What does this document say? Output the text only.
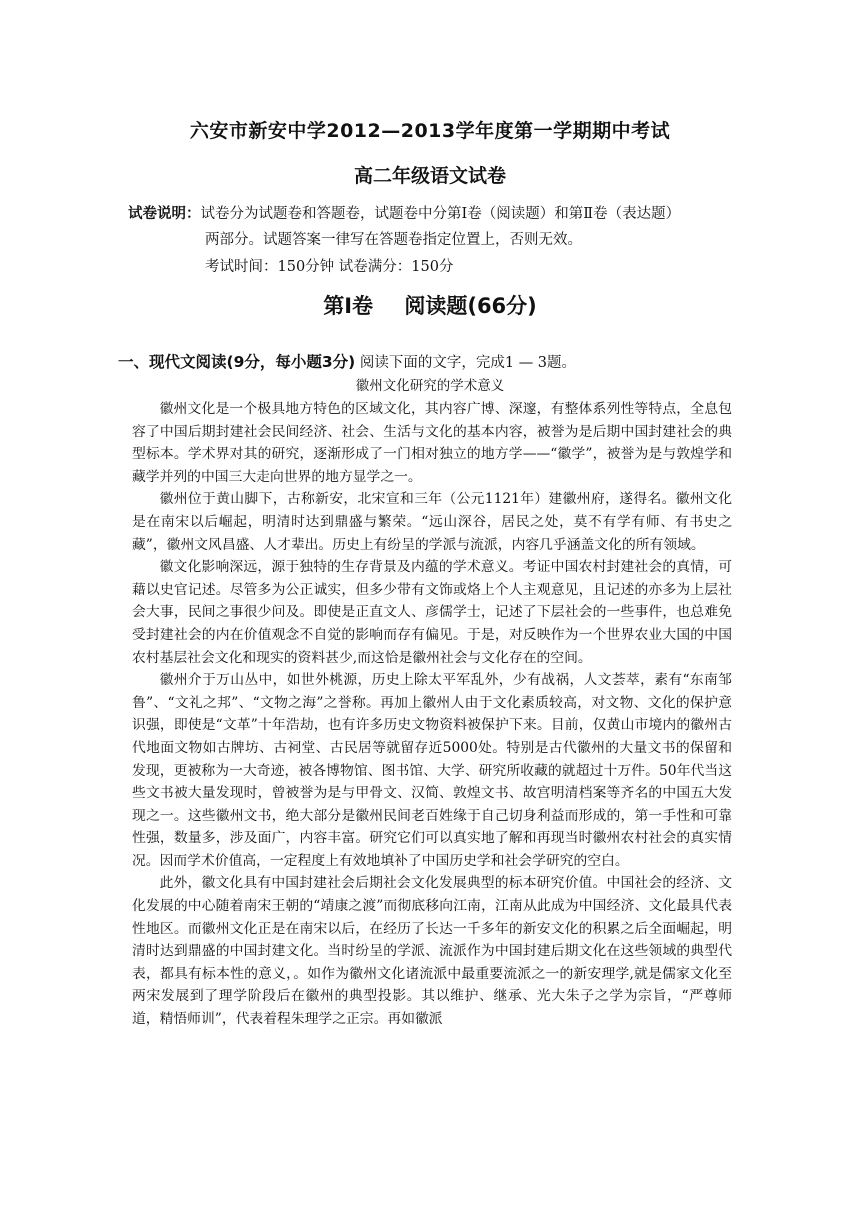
六安市新安中学2012—2013学年度第一学期期中考试
高二年级语文试卷
试卷说明：试卷分为试题卷和答题卷，试题卷中分第Ⅰ卷（阅读题）和第Ⅱ卷（表达题）
两部分。试题答案一律写在答题卷指定位置上，否则无效。
考试时间：150分钟 试卷满分：150分
第Ⅰ卷 阅读题(66分)
一、现代文阅读(9分，每小题3分) 阅读下面的文字，完成1 — 3题。
徽州文化研究的学术意义

徽州文化是一个极具地方特色的区域文化，其内容广博、深邃，有整体系列性等特点，全息包容了中国后期封建社会民间经济、社会、生活与文化的基本内容，被誉为是后期中国封建社会的典型标本。学术界对其的研究，逐渐形成了一门相对独立的地方学——“徽学”，被誉为是与敦煌学和藏学并列的中国三大走向世界的地方显学之一。

徽州位于黄山脚下，古称新安，北宋宣和三年（公元1121年）建徽州府，遂得名。徽州文化是在南宋以后崛起，明清时达到鼎盛与繁荣。“远山深谷，居民之处，莫不有学有师、有书史之藏”，徽州文风昌盛、人才辈出。历史上有纷呈的学派与流派，内容几乎涵盖文化的所有领域。

徽文化影响深远，源于独特的生存背景及内蕴的学术意义。考证中国农村封建社会的真情，可藉以史官记述。尽管多为公正诚实，但多少带有文饰或烙上个人主观意见，且记述的亦多为上层社会大事，民间之事很少问及。即使是正直文人、彦儒学士，记述了下层社会的一些事件，也总难免受封建社会的内在价值观念不自觉的影响而存有偏见。于是，对反映作为一个世界农业大国的中国农村基层社会文化和现实的资料甚少,而这恰是徽州社会与文化存在的空间。

徽州介于万山丛中，如世外桃源，历史上除太平军乱外，少有战祸，人文荟萃，素有“东南邹鲁”、“文礼之邦”、“文物之海”之誉称。再加上徽州人由于文化素质较高，对文物、文化的保护意识强，即使是“文革”十年浩劫，也有许多历史文物资料被保护下来。目前，仅黄山市境内的徽州古代地面文物如古牌坊、古祠堂、古民居等就留存近5000处。特别是古代徽州的大量文书的保留和发现，更被称为一大奇迹，被各博物馆、图书馆、大学、研究所收藏的就超过十万件。50年代当这些文书被大量发现时，曾被誉为是与甲骨文、汉简、敦煌文书、故宫明清档案等齐名的中国五大发现之一。这些徽州文书，绝大部分是徽州民间老百姓缘于自己切身利益而形成的，第一手性和可靠性强，数量多，涉及面广，内容丰富。研究它们可以真实地了解和再现当时徽州农村社会的真实情况。因而学术价值高，一定程度上有效地填补了中国历史学和社会学研究的空白。

此外，徽文化具有中国封建社会后期社会文化发展典型的标本研究价值。中国社会的经济、文化发展的中心随着南宋王朝的“靖康之渡”而彻底移向江南，江南从此成为中国经济、文化最具代表性地区。而徽州文化正是在南宋以后，在经历了长达一千多年的新安文化的积累之后全面崛起，明清时达到鼎盛的中国封建文化。当时纷呈的学派、流派作为中国封建后期文化在这些领域的典型代表，都具有标本性的意义，。如作为徽州文化诸流派中最重要流派之一的新安理学,就是儒家文化至两宋发展到了理学阶段后在徽州的典型投影。其以维护、继承、光大朱子之学为宗旨，“严尊师道，精悟师训”，代表着程朱理学之正宗。再如徽派
